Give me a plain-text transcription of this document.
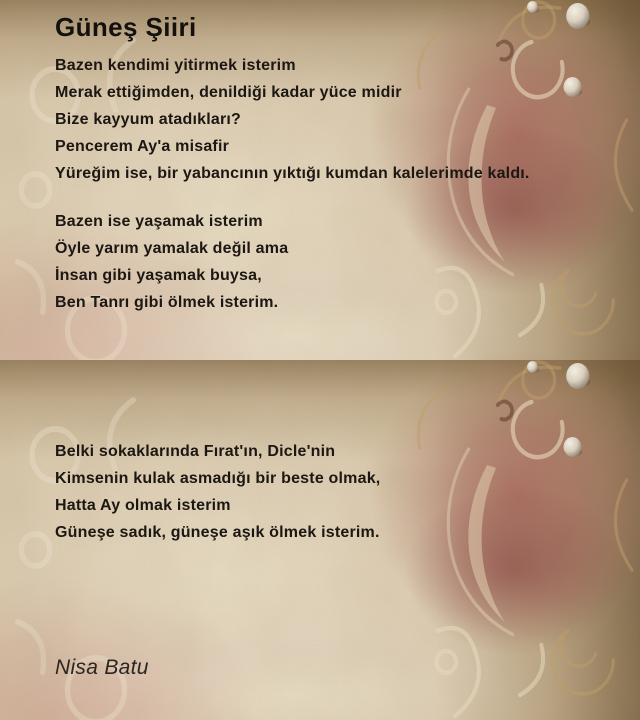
Güneş Şiiri
Bazen kendimi yitirmek isterim
Merak ettiğimden, denildiği kadar yüce midir
Bize kayyum atadıkları?
Pencerem Ay'a misafir
Yüreğim ise, bir yabancının yıktığı kumdan kalelerimde kaldı.
Bazen ise yaşamak isterim
Öyle yarım yamalak değil ama
İnsan gibi yaşamak buysa,
Ben Tanrı gibi ölmek isterim.
Belki sokaklarında Fırat'ın, Dicle'nin
Kimsenin kulak asmadığı bir beste olmak,
Hatta Ay olmak isterim
Güneşe sadık, güneşe aşık ölmek isterim.
Nisa Batu
